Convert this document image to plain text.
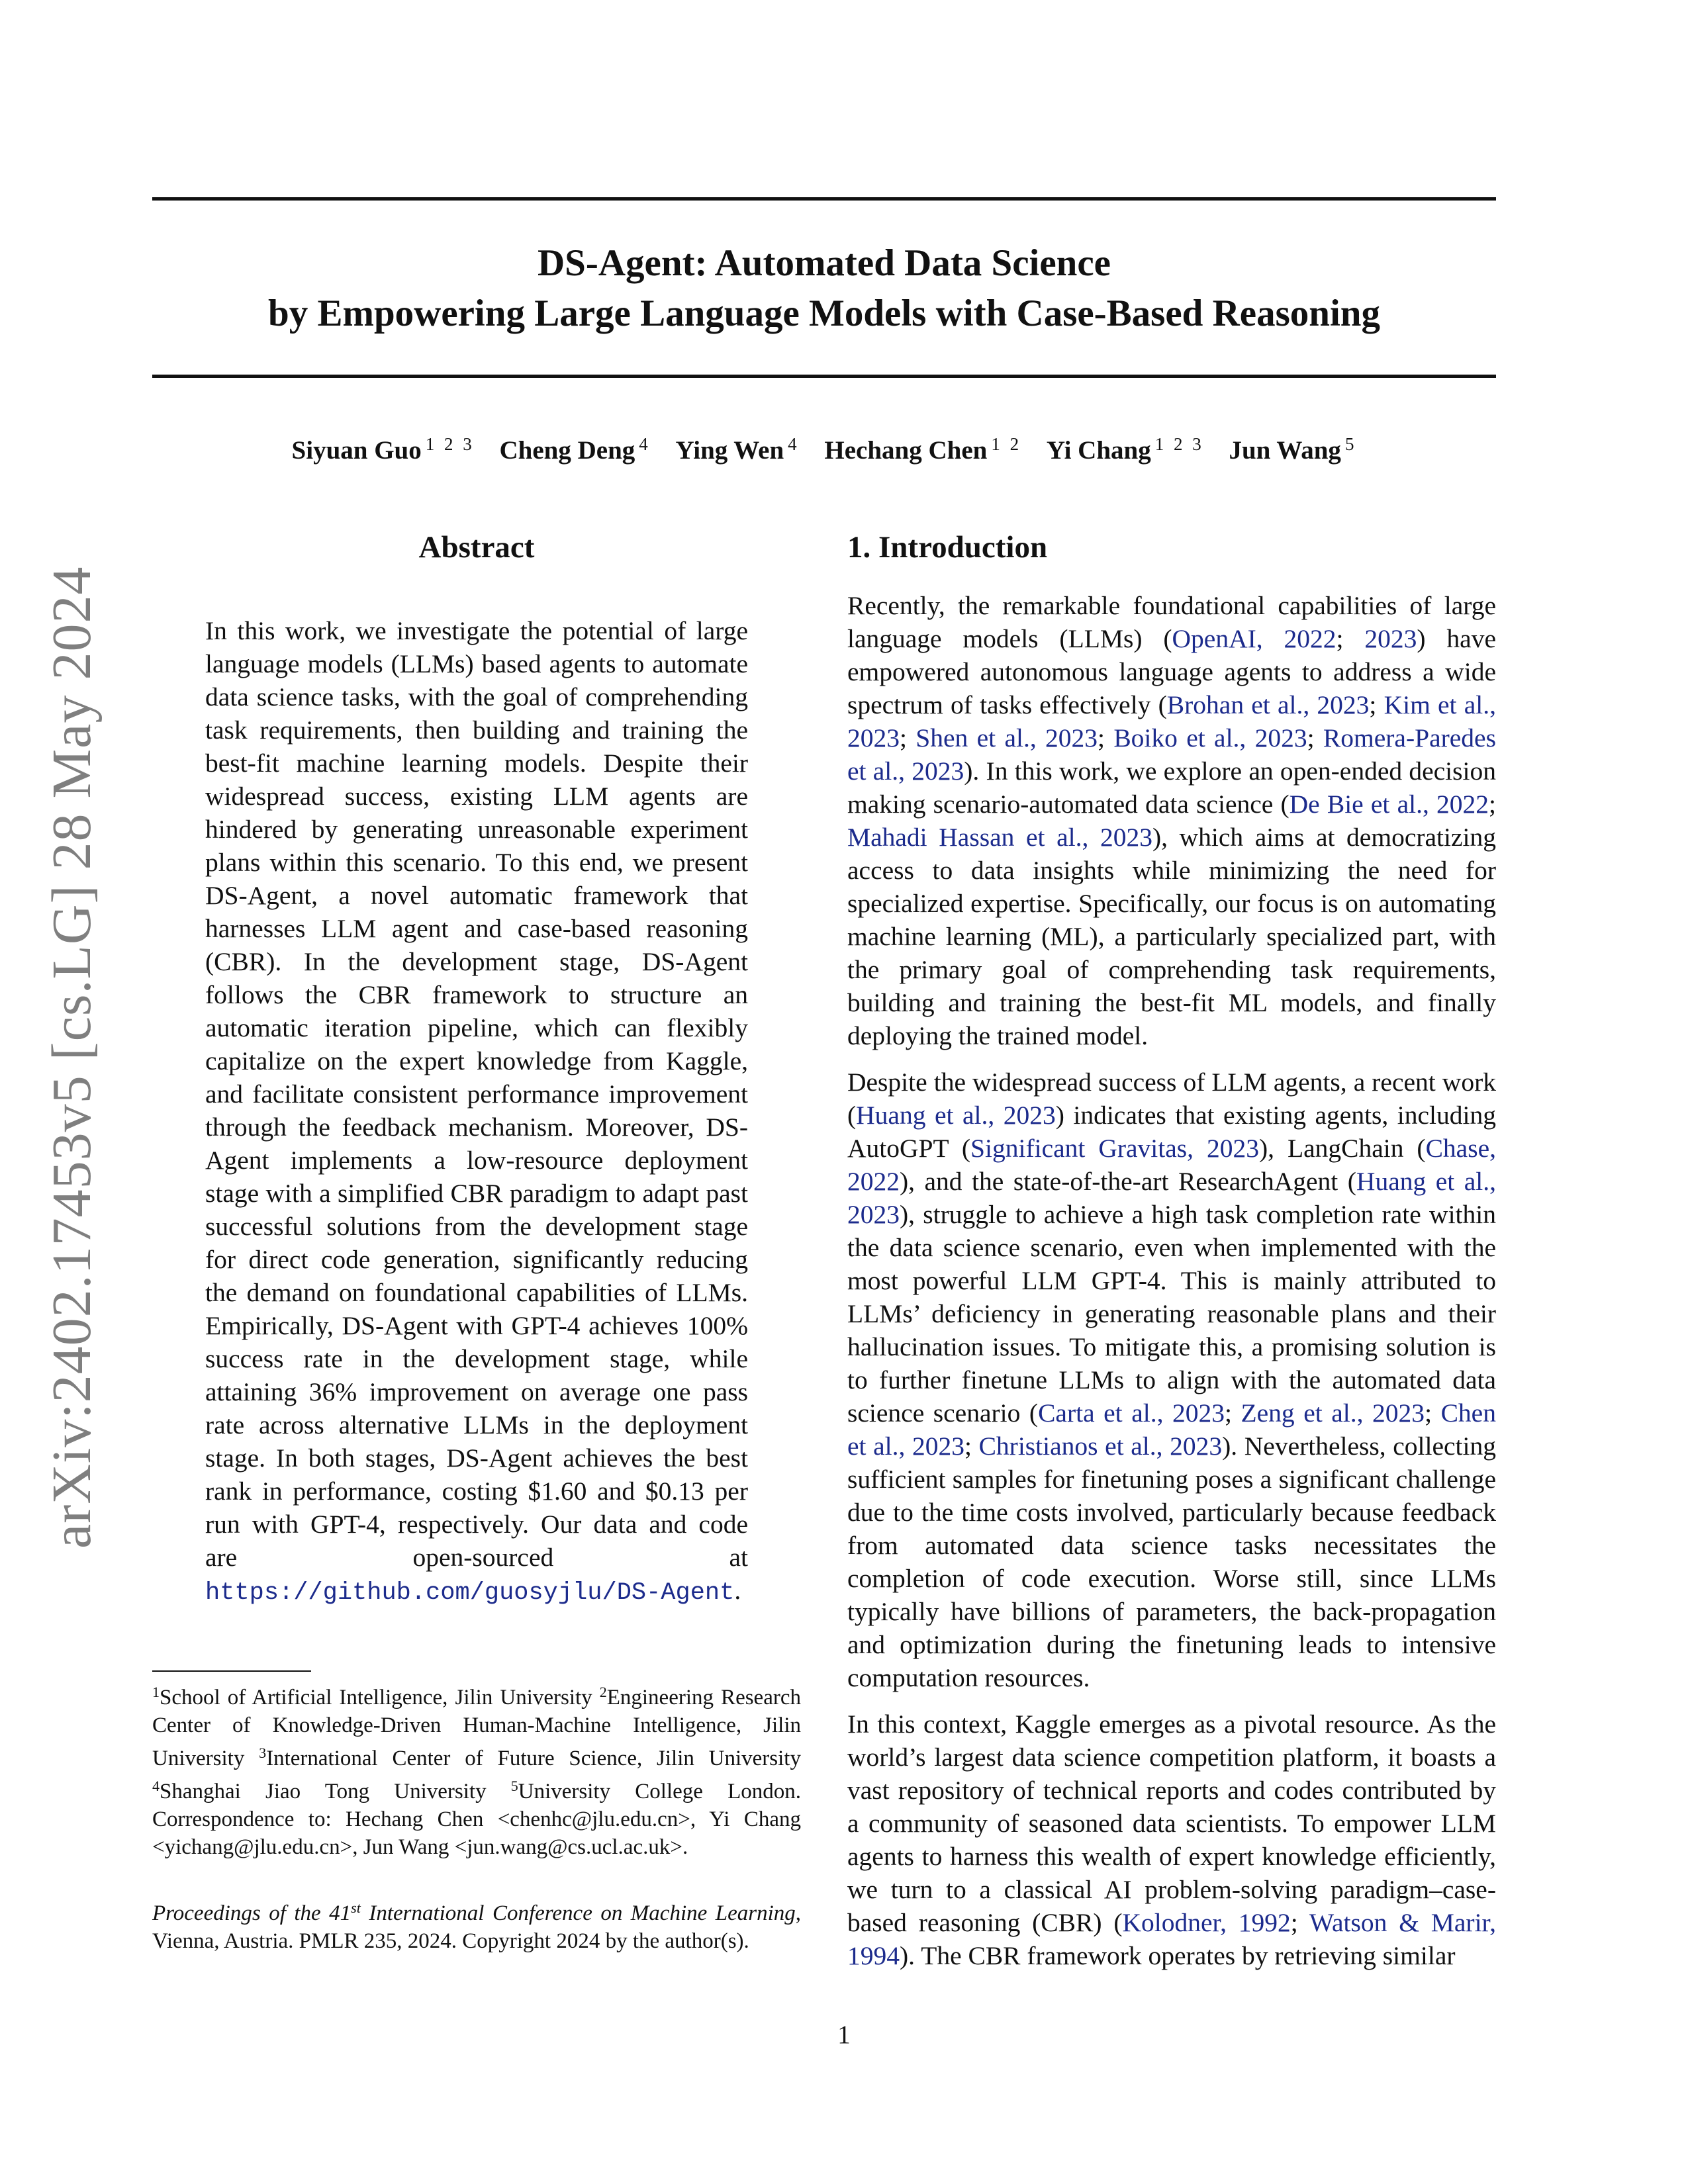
arXiv:2402.17453v5 [cs.LG] 28 May 2024
DS-Agent: Automated Data Science
by Empowering Large Language Models with Case-Based Reasoning
Siyuan Guo $^{1 2 3}$ Cheng Deng $^4$ Ying Wen $^4$ Hechang Chen $^{1 2}$ Yi Chang $^{1 2 3}$ Jun Wang $^5$
Abstract
In this work, we investigate the potential of large language models (LLMs) based agents to automate data science tasks, with the goal of comprehending task requirements, then building and training the best-fit machine learning models. Despite their widespread success, existing LLM agents are hindered by generating unreasonable experiment plans within this scenario. To this end, we present DS-Agent, a novel automatic framework that harnesses LLM agent and case-based reasoning (CBR). In the development stage, DS-Agent follows the CBR framework to structure an automatic iteration pipeline, which can flexibly capitalize on the expert knowledge from Kaggle, and facilitate consistent performance improvement through the feedback mechanism. Moreover, DS-Agent implements a low-resource deployment stage with a simplified CBR paradigm to adapt past successful solutions from the development stage for direct code generation, significantly reducing the demand on foundational capabilities of LLMs. Empirically, DS-Agent with GPT-4 achieves 100% success rate in the development stage, while attaining 36% improvement on average one pass rate across alternative LLMs in the deployment stage. In both stages, DS-Agent achieves the best rank in performance, costing $1.60 and $0.13 per run with GPT-4, respectively. Our data and code are open-sourced at https://github.com/guosyjlu/DS-Agent.
$^1$School of Artificial Intelligence, Jilin University $^2$Engineering Research Center of Knowledge-Driven Human-Machine Intelligence, Jilin University $^3$International Center of Future Science, Jilin University $^4$Shanghai Jiao Tong University $^5$University College London. Correspondence to: Hechang Chen <chenhc@jlu.edu.cn>, Yi Chang <yichang@jlu.edu.cn>, Jun Wang <jun.wang@cs.ucl.ac.uk>.
Proceedings of the 41st International Conference on Machine Learning, Vienna, Austria. PMLR 235, 2024. Copyright 2024 by the author(s).
1. Introduction

Recently, the remarkable foundational capabilities of large language models (LLMs) (OpenAI, 2022; 2023) have empowered autonomous language agents to address a wide spectrum of tasks effectively (Brohan et al., 2023; Kim et al., 2023; Shen et al., 2023; Boiko et al., 2023; Romera-Paredes et al., 2023). In this work, we explore an open-ended decision making scenario-automated data science (De Bie et al., 2022; Mahadi Hassan et al., 2023), which aims at democratizing access to data insights while minimizing the need for specialized expertise. Specifically, our focus is on automating machine learning (ML), a particularly specialized part, with the primary goal of comprehending task requirements, building and training the best-fit ML models, and finally deploying the trained model.

Despite the widespread success of LLM agents, a recent work (Huang et al., 2023) indicates that existing agents, including AutoGPT (Significant Gravitas, 2023), LangChain (Chase, 2022), and the state-of-the-art ResearchAgent (Huang et al., 2023), struggle to achieve a high task completion rate within the data science scenario, even when implemented with the most powerful LLM GPT-4. This is mainly attributed to LLMs’ deficiency in generating reasonable plans and their hallucination issues. To mitigate this, a promising solution is to further finetune LLMs to align with the automated data science scenario (Carta et al., 2023; Zeng et al., 2023; Chen et al., 2023; Christianos et al., 2023). Nevertheless, collecting sufficient samples for finetuning poses a significant challenge due to the time costs involved, particularly because feedback from automated data science tasks necessitates the completion of code execution. Worse still, since LLMs typically have billions of parameters, the back-propagation and optimization during the finetuning leads to intensive computation resources.

In this context, Kaggle emerges as a pivotal resource. As the world’s largest data science competition platform, it boasts a vast repository of technical reports and codes contributed by a community of seasoned data scientists. To empower LLM agents to harness this wealth of expert knowledge efficiently, we turn to a classical AI problem-solving paradigm–case-based reasoning (CBR) (Kolodner, 1992; Watson & Marir, 1994). The CBR framework operates by retrieving similar

1
